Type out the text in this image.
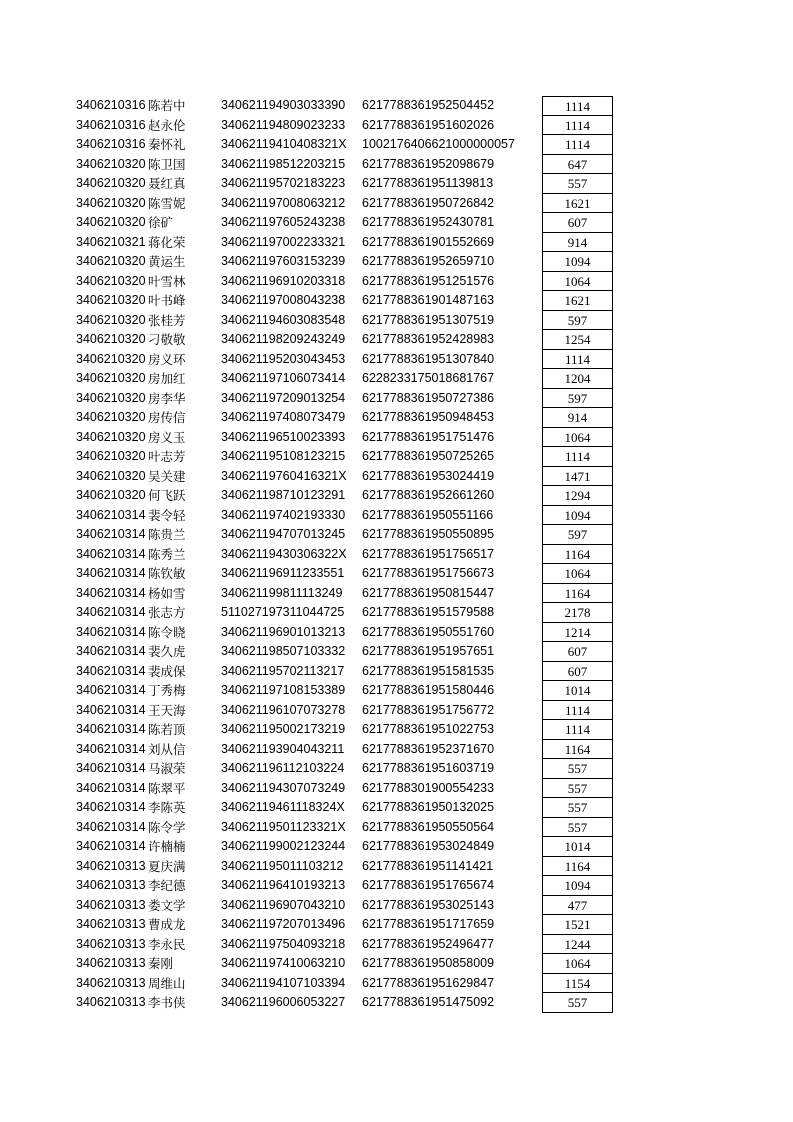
3406210316 陈若中	340621194903033390	6217788361952504452	1114
3406210316 赵永伦	340621194809023233	6217788361951602026	1114
3406210316 秦怀礼	34062119410408321X	1002176406621000000057	1114
3406210320 陈卫国	340621198512203215	6217788361952098679	647
3406210320 聂红真	340621195702183223	6217788361951139813	557
3406210320 陈雪妮	340621197008063212	6217788361950726842	1621
3406210320 徐矿	340621197605243238	6217788361952430781	607
3406210321 蒋化荣	340621197002233321	6217788361901552669	914
3406210320 黄运生	340621197603153239	6217788361952659710	1094
3406210320 叶雪林	340621196910203318	6217788361951251576	1064
3406210320 叶书峰	340621197008043238	6217788361901487163	1621
3406210320 张桂芳	340621194603083548	6217788361951307519	597
3406210320 刁敬敬	340621198209243249	6217788361952428983	1254
3406210320 房义环	340621195203043453	6217788361951307840	1114
3406210320 房加红	340621197106073414	6228233175018681767	1204
3406210320 房李华	340621197209013254	6217788361950727386	597
3406210320 房传信	340621197408073479	6217788361950948453	914
3406210320 房义玉	340621196510023393	6217788361951751476	1064
3406210320 叶志芳	340621195108123215	6217788361950725265	1114
3406210320 吴关建	34062119760416321X	6217788361953024419	1471
3406210320 何飞跃	340621198710123291	6217788361952661260	1294
3406210314 裴令轻	340621197402193330	6217788361950551166	1094
3406210314 陈贵兰	340621194707013245	6217788361950550895	597
3406210314 陈秀兰	34062119430306322X	6217788361951756517	1164
3406210314 陈钦敏	340621196911233551	6217788361951756673	1064
3406210314 杨如雪	340621199811113249	6217788361950815447	1164
3406210314 张志方	511027197311044725	6217788361951579588	2178
3406210314 陈令晓	340621196901013213	6217788361950551760	1214
3406210314 裴久虎	340621198507103332	6217788361951957651	607
3406210314 裴成保	340621195702113217	6217788361951581535	607
3406210314 丁秀梅	340621197108153389	6217788361951580446	1014
3406210314 王天海	340621196107073278	6217788361951756772	1114
3406210314 陈若顶	340621195002173219	6217788361951022753	1114
3406210314 刘从信	340621193904043211	6217788361952371670	1164
3406210314 马淑荣	340621196112103224	6217788361951603719	557
3406210314 陈翠平	340621194307073249	6217788301900554233	557
3406210314 李陈英	34062119461118324X	6217788361950132025	557
3406210314 陈令学	34062119501123321X	6217788361950550564	557
3406210314 许楠楠	340621199002123244	6217788361953024849	1014
3406210313 夏庆满	340621195011103212	6217788361951141421	1164
3406210313 李纪德	340621196410193213	6217788361951765674	1094
3406210313 娄文学	340621196907043210	6217788361953025143	477
3406210313 曹成龙	340621197207013496	6217788361951717659	1521
3406210313 李永民	340621197504093218	6217788361952496477	1244
3406210313 秦刚	340621197410063210	6217788361950858009	1064
3406210313 周维山	340621194107103394	6217788361951629847	1154
3406210313 李书侠	340621196006053227	6217788361951475092	557
